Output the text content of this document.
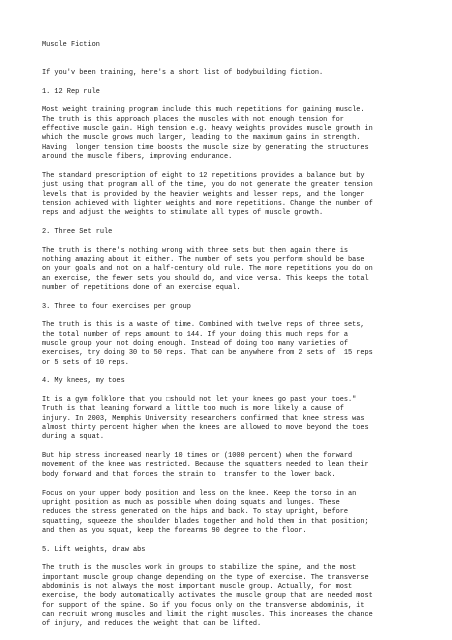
Muscle Fiction

If you'v been training, here's a short list of bodybuilding fiction.

1. 12 Rep rule

Most weight training program include this much repetitions for gaining muscle.
The truth is this approach places the muscles with not enough tension for
effective muscle gain. High tension e.g. heavy weights provides muscle growth in
which the muscle grows much larger, leading to the maximum gains in strength.
Having  longer tension time boosts the muscle size by generating the structures
around the muscle fibers, improving endurance.

The standard prescription of eight to 12 repetitions provides a balance but by
just using that program all of the time, you do not generate the greater tension
levels that is provided by the heavier weights and lesser reps, and the longer
tension achieved with lighter weights and more repetitions. Change the number of
reps and adjust the weights to stimulate all types of muscle growth.

2. Three Set rule

The truth is there's nothing wrong with three sets but then again there is
nothing amazing about it either. The number of sets you perform should be base
on your goals and not on a half-century old rule. The more repetitions you do on
an exercise, the fewer sets you should do, and vice versa. This keeps the total
number of repetitions done of an exercise equal.

3. Three to four exercises per group

The truth is this is a waste of time. Combined with twelve reps of three sets,
the total number of reps amount to 144. If your doing this much reps for a
muscle group your not doing enough. Instead of doing too many varieties of
exercises, try doing 30 to 50 reps. That can be anywhere from 2 sets of  15 reps
or 5 sets of 10 reps.

4. My knees, my toes

It is a gym folklore that you □should not let your knees go past your toes."
Truth is that leaning forward a little too much is more likely a cause of
injury. In 2003, Memphis University researchers confirmed that knee stress was
almost thirty percent higher when the knees are allowed to move beyond the toes
during a squat.

But hip stress increased nearly 10 times or (1000 percent) when the forward
movement of the knee was restricted. Because the squatters needed to lean their
body forward and that forces the strain to  transfer to the lower back.

Focus on your upper body position and less on the knee. Keep the torso in an
upright position as much as possible when doing squats and lunges. These
reduces the stress generated on the hips and back. To stay upright, before
squatting, squeeze the shoulder blades together and hold them in that position;
and then as you squat, keep the forearms 90 degree to the floor.

5. Lift weights, draw abs

The truth is the muscles work in groups to stabilize the spine, and the most
important muscle group change depending on the type of exercise. The transverse
abdominis is not always the most important muscle group. Actually, for most
exercise, the body automatically activates the muscle group that are needed most
for support of the spine. So if you focus only on the transverse abdominis, it
can recruit wrong muscles and limit the right muscles. This increases the chance
of injury, and reduces the weight that can be lifted.
